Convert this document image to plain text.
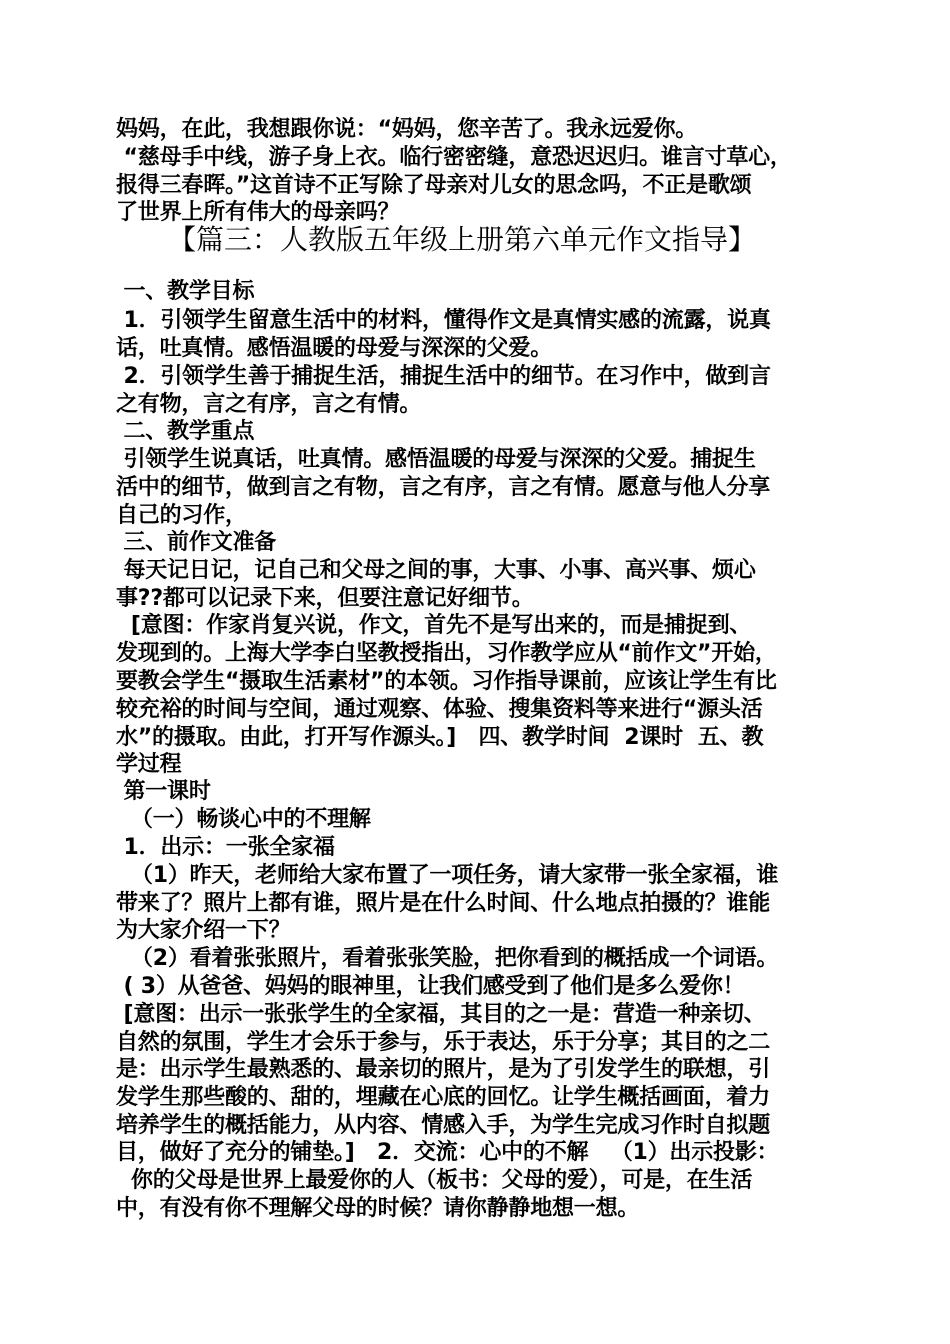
妈妈，在此，我想跟你说：“妈妈，您辛苦了。我永远爱你。
“慈母手中线，游子身上衣。临行密密缝，意恐迟迟归。谁言寸草心，
报得三春晖。”这首诗不正写除了母亲对儿女的思念吗，不正是歌颂
了世界上所有伟大的母亲吗？
【篇三：人教版五年级上册第六单元作文指导】
一、教学目标
1．引领学生留意生活中的材料，懂得作文是真情实感的流露，说真
话，吐真情。感悟温暖的母爱与深深的父爱。
2．引领学生善于捕捉生活，捕捉生活中的细节。在习作中，做到言
之有物，言之有序，言之有情。
二、教学重点
引领学生说真话，吐真情。感悟温暖的母爱与深深的父爱。捕捉生
活中的细节，做到言之有物，言之有序，言之有情。愿意与他人分享
自己的习作，
三、前作文准备
每天记日记，记自己和父母之间的事，大事、小事、高兴事、烦心
事??都可以记录下来，但要注意记好细节。
[意图：作家肖复兴说，作文，首先不是写出来的，而是捕捉到、
发现到的。上海大学李白坚教授指出，习作教学应从“前作文”开始，
要教会学生“摄取生活素材”的本领。习作指导课前，应该让学生有比
较充裕的时间与空间，通过观察、体验、搜集资料等来进行“源头活
水”的摄取。由此，打开写作源头。]   四、教学时间  2课时  五、教
学过程
第一课时
（一）畅谈心中的不理解
1．出示：一张全家福
（1）昨天，老师给大家布置了一项任务，请大家带一张全家福，谁
带来了？照片上都有谁，照片是在什么时间、什么地点拍摄的？谁能
为大家介绍一下？
（2）看着张张照片，看着张张笑脸，把你看到的概括成一个词语。
( 3）从爸爸、妈妈的眼神里，让我们感受到了他们是多么爱你！
[意图：出示一张张学生的全家福，其目的之一是：营造一种亲切、
自然的氛围，学生才会乐于参与，乐于表达，乐于分享；其目的之二
是：出示学生最熟悉的、最亲切的照片，是为了引发学生的联想，引
发学生那些酸的、甜的，埋藏在心底的回忆。让学生概括画面，着力
培养学生的概括能力，从内容、情感入手，为学生完成习作时自拟题
目，做好了充分的铺垫。]   2．交流：心中的不解   （1）出示投影：
你的父母是世界上最爱你的人（板书：父母的爱），可是，在生活
中，有没有你不理解父母的时候？请你静静地想一想。
